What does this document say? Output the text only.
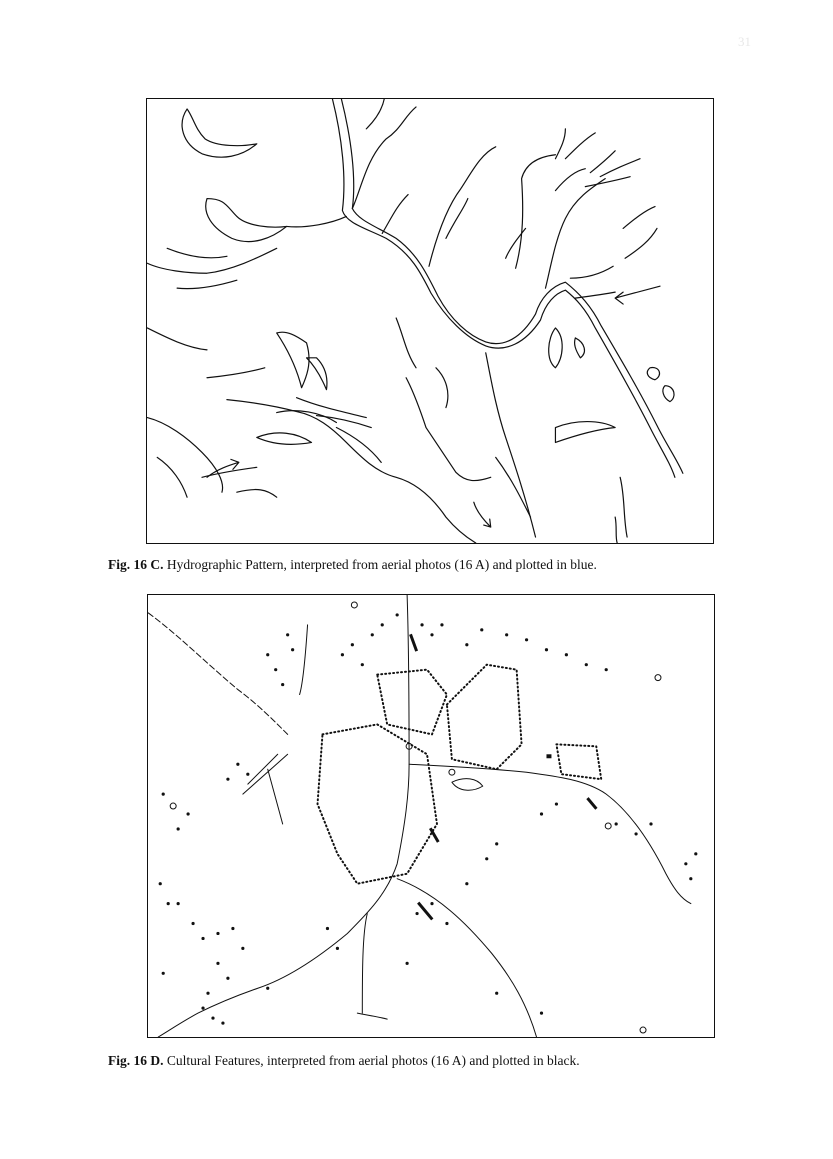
31
Fig. 16 C. Hydrographic Pattern, interpreted from aerial photos (16 A) and plotted in blue.
Fig. 16 D. Cultural Features, interpreted from aerial photos (16 A) and plotted in black.
